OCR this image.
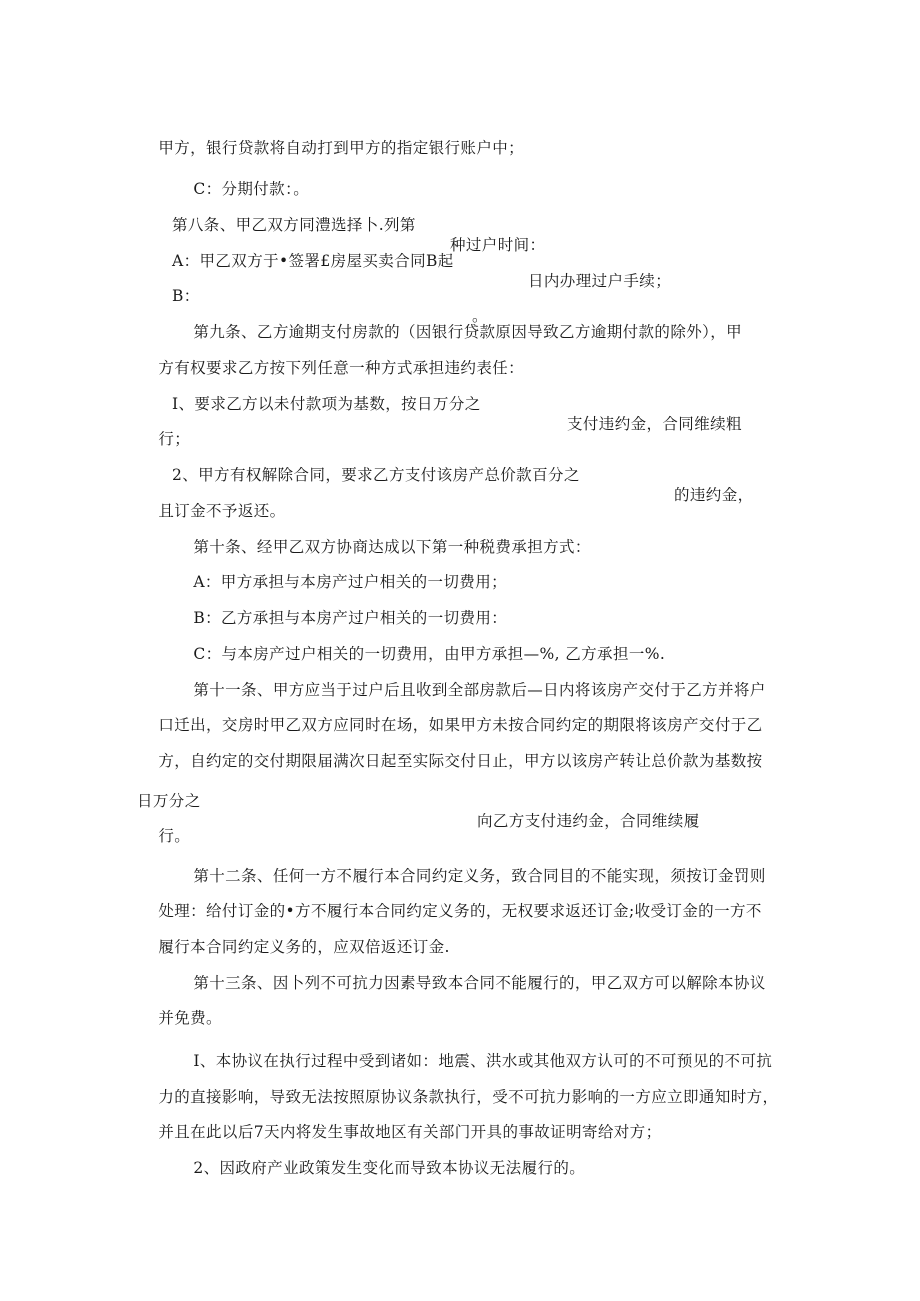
甲方，银行贷款将自动打到甲方的指定银行账户中；

C：分期付款：。

第八条、甲乙双方同澧选择卜.列第

种过户时间：

A：甲乙双方于•签署£房屋买卖合同B起

日内办理过户手续；

B：

。

第九条、乙方逾期支付房款的（因银行贷款原因导致乙方逾期付款的除外），甲

方有权要求乙方按下列任意一种方式承担违约表任：

I、要求乙方以未付款项为基数，按日万分之

支付违约金，合同维续粗

行；

2、甲方有权解除合同，要求乙方支付该房产总价款百分之

的违约金，

且订金不予返还。

第十条、经甲乙双方协商达成以下第一种税费承担方式：

A：甲方承担与本房产过户相关的一切费用；

B：乙方承担与本房产过户相关的一切费用：

C：与本房产过户相关的一切费用，由甲方承担—%, 乙方承担一%.

第十一条、甲方应当于过户后且收到全部房款后—日内将该房产交付于乙方并将户

口迁出，交房时甲乙双方应同时在场，如果甲方未按合同约定的期限将该房产交付于乙

方，自约定的交付期限届满次日起至实际交付日止，甲方以该房产转让总价款为基数按

日万分之

向乙方支付违约金，合同维续履

行。

第十二条、任何一方不履行本合同约定义务，致合同目的不能实现，须按订金罚则

处理：给付订金的•方不履行本合同约定义务的，无权要求返还订金;收受订金的一方不

履行本合同约定义务的，应双倍返还订金.

第十三条、因卜列不可抗力因素导致本合同不能履行的，甲乙双方可以解除本协议

并免费。

I、本协议在执行过程中受到诸如：地震、洪水或其他双方认可的不可预见的不可抗

力的直接影响，导致无法按照原协议条款执行，受不可抗力影响的一方应立即通知时方，

并且在此以后7天内将发生事故地区有关部门开具的事故证明寄给对方；

2、因政府产业政策发生变化而导致本协议无法履行的。
